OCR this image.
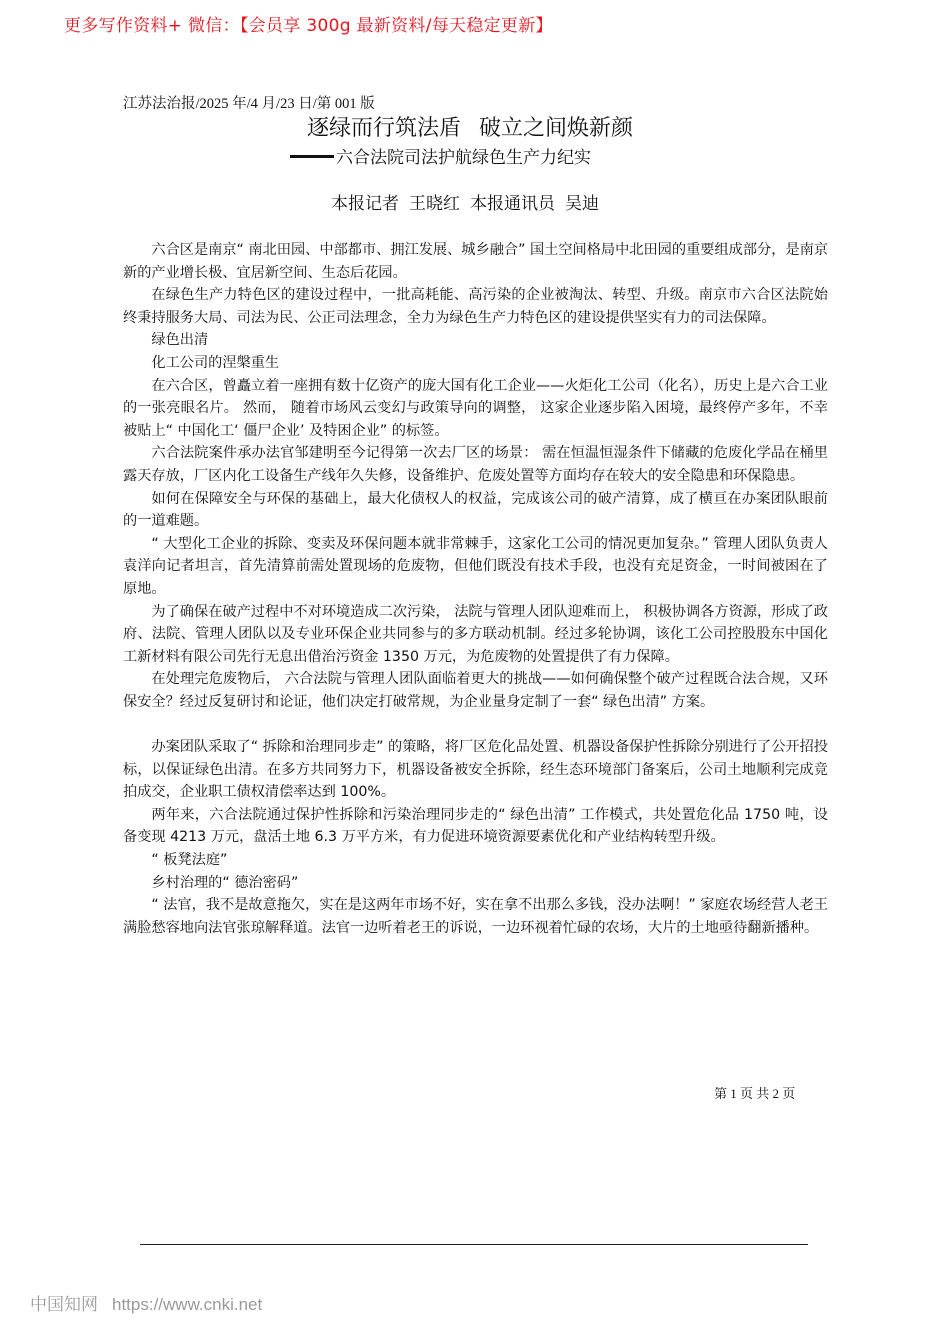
更多写作资料+ 微信：【会员享 300g 最新资料/每天稳定更新】
江苏法治报/2025 年/4 月/23 日/第 001 版
逐绿而行筑法盾 破立之间焕新颜
六合法院司法护航绿色生产力纪实
本报记者 王晓红 本报通讯员 吴迪

六合区是南京“ 南北田园、中部都市、拥江发展、城乡融合” 国土空间格局中北田园的重要组成部分，是南京新的产业增长极、宜居新空间、生态后花园。

在绿色生产力特色区的建设过程中，一批高耗能、高污染的企业被淘汰、转型、升级。南京市六合区法院始终秉持服务大局、司法为民、公正司法理念，全力为绿色生产力特色区的建设提供坚实有力的司法保障。

绿色出清

化工公司的涅槃重生

在六合区，曾矗立着一座拥有数十亿资产的庞大国有化工企业——火炬化工公司（化名），历史上是六合工业的一张亮眼名片。 然而， 随着市场风云变幻与政策导向的调整， 这家企业逐步陷入困境，最终停产多年，不幸被贴上“ 中国化工‘ 僵尸企业’ 及特困企业” 的标签。

六合法院案件承办法官邹建明至今记得第一次去厂区的场景： 需在恒温恒湿条件下储藏的危废化学品在桶里露天存放，厂区内化工设备生产线年久失修，设备维护、危废处置等方面均存在较大的安全隐患和环保隐患。

如何在保障安全与环保的基础上，最大化债权人的权益，完成该公司的破产清算，成了横亘在办案团队眼前的一道难题。

“ 大型化工企业的拆除、变卖及环保问题本就非常棘手，这家化工公司的情况更加复杂。” 管理人团队负责人袁洋向记者坦言，首先清算前需处置现场的危废物，但他们既没有技术手段，也没有充足资金，一时间被困在了原地。

为了确保在破产过程中不对环境造成二次污染， 法院与管理人团队迎难而上， 积极协调各方资源，形成了政府、法院、管理人团队以及专业环保企业共同参与的多方联动机制。经过多轮协调，该化工公司控股股东中国化工新材料有限公司先行无息出借治污资金 1350 万元，为危废物的处置提供了有力保障。

在处理完危废物后， 六合法院与管理人团队面临着更大的挑战——如何确保整个破产过程既合法合规，又环保安全？经过反复研讨和论证，他们决定打破常规，为企业量身定制了一套“ 绿色出清” 方案。

办案团队采取了“ 拆除和治理同步走” 的策略，将厂区危化品处置、机器设备保护性拆除分别进行了公开招投标，以保证绿色出清。在多方共同努力下，机器设备被安全拆除，经生态环境部门备案后，公司土地顺利完成竞拍成交，企业职工债权清偿率达到 100%。

两年来，六合法院通过保护性拆除和污染治理同步走的“ 绿色出清” 工作模式，共处置危化品 1750 吨，设备变现 4213 万元，盘活土地 6.3 万平方米，有力促进环境资源要素优化和产业结构转型升级。

“ 板凳法庭”

乡村治理的“ 德治密码”

“ 法官，我不是故意拖欠，实在是这两年市场不好，实在拿不出那么多钱，没办法啊！” 家庭农场经营人老王满脸愁容地向法官张琼解释道。法官一边听着老王的诉说，一边环视着忙碌的农场，大片的土地亟待翻新播种。

第 1 页 共 2 页
中国知网 https://www.cnki.net
